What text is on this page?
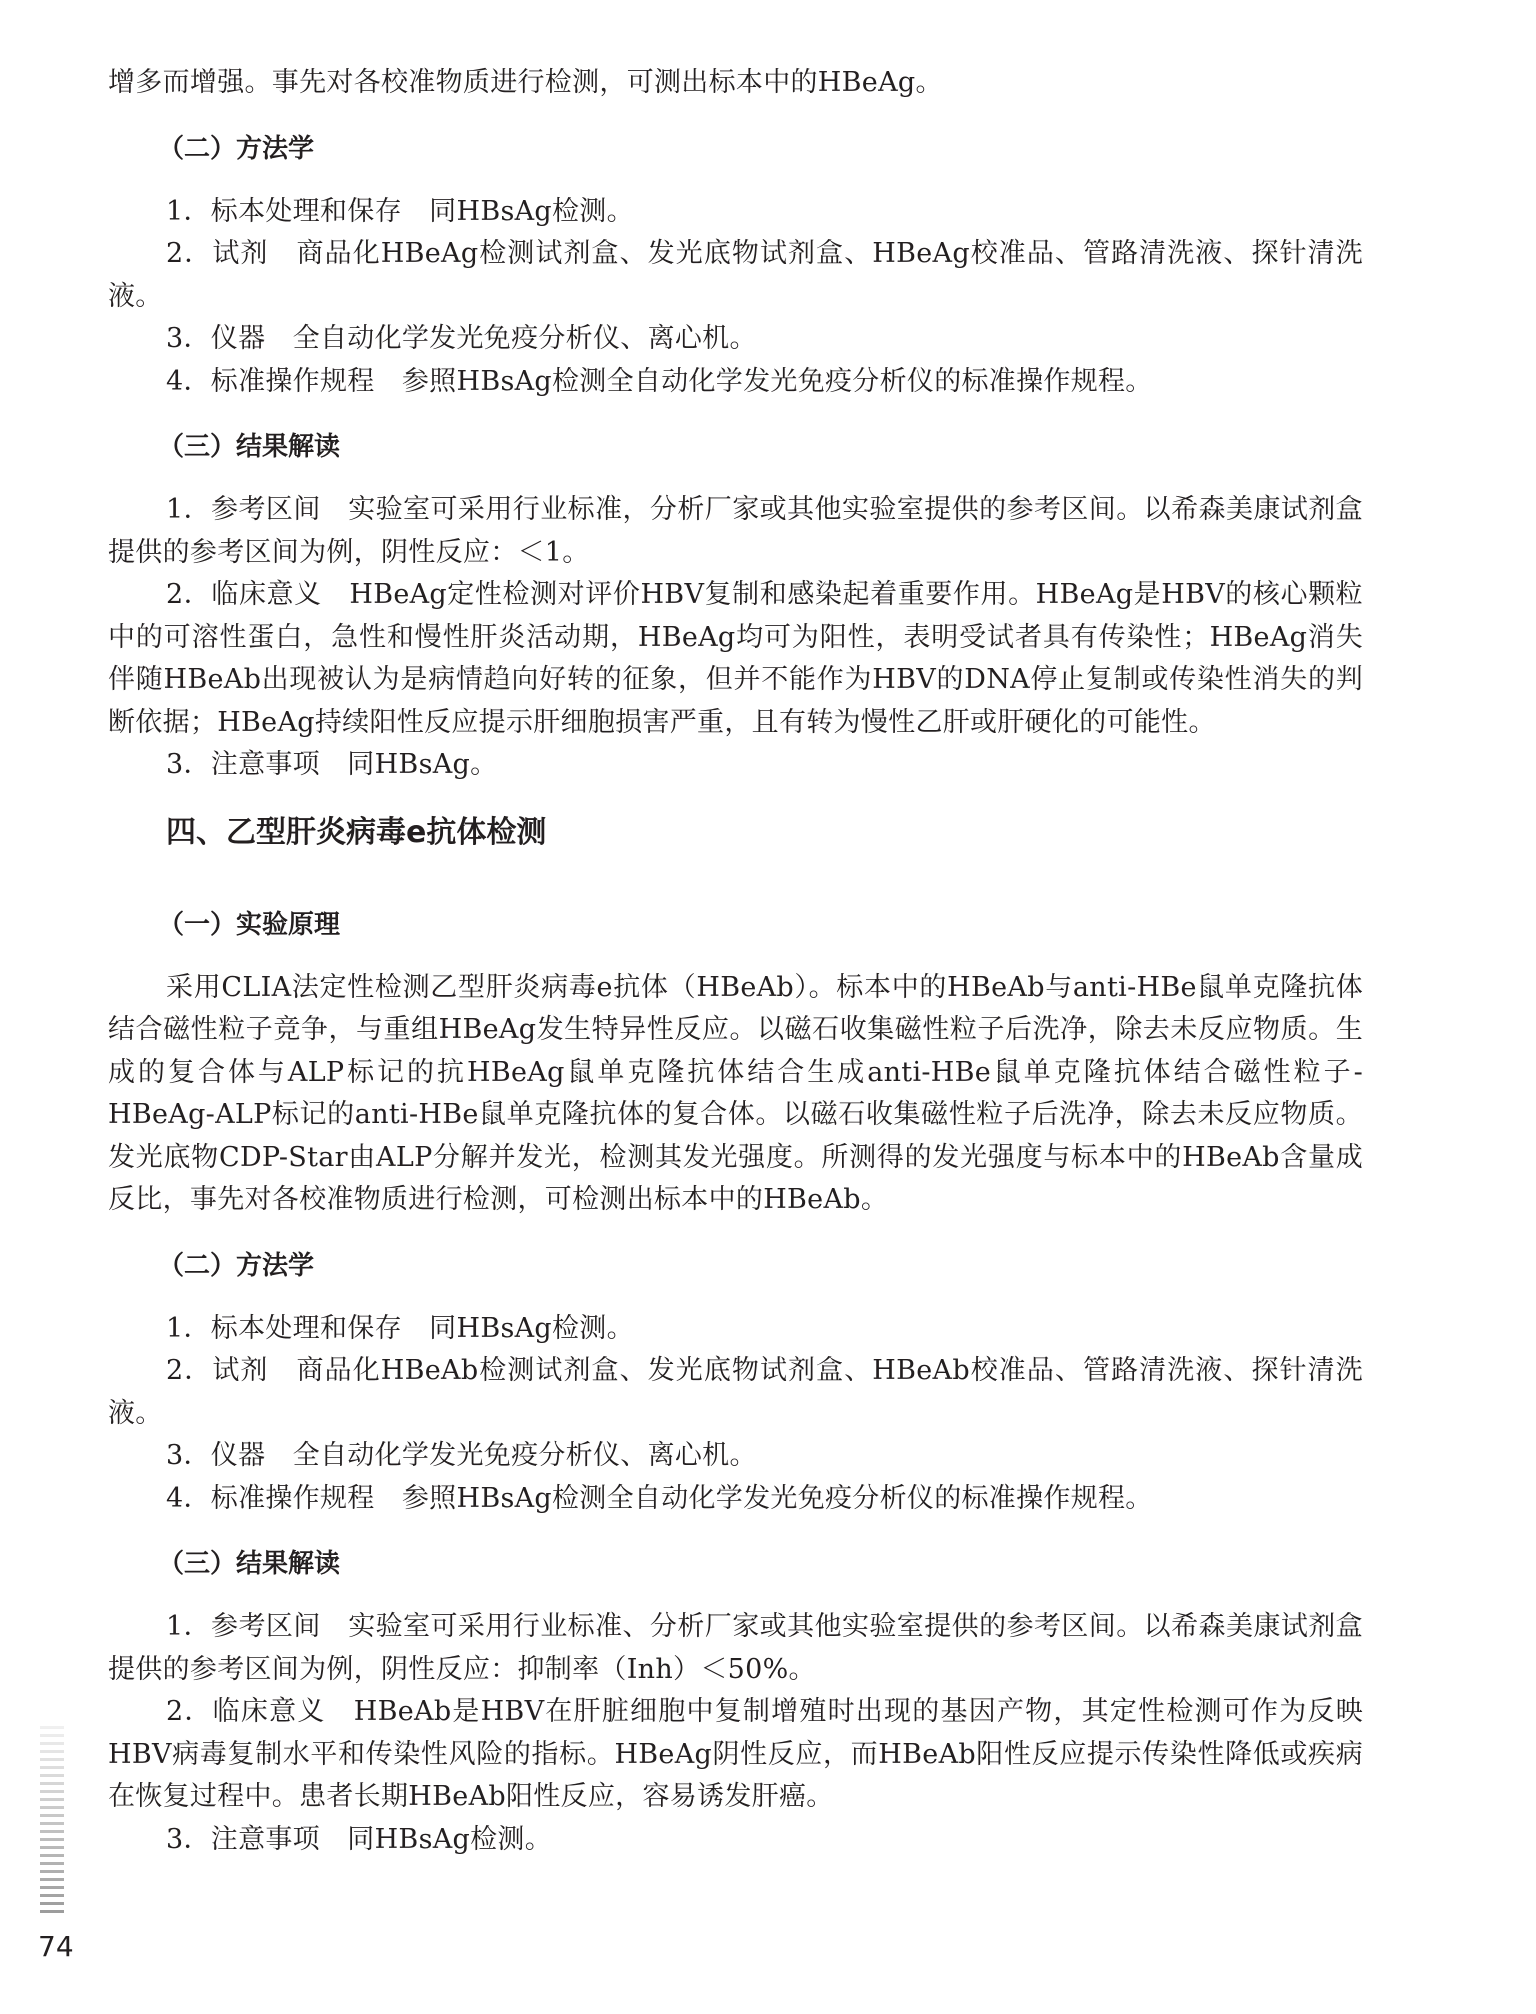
增多而增强。事先对各校准物质进行检测，可测出标本中的HBeAg。

（二）方法学

1．标本处理和保存　同HBsAg检测。

2．试剂　商品化HBeAg检测试剂盒、发光底物试剂盒、HBeAg校准品、管路清洗液、探针清洗液。

3．仪器　全自动化学发光免疫分析仪、离心机。

4．标准操作规程　参照HBsAg检测全自动化学发光免疫分析仪的标准操作规程。

（三）结果解读

1．参考区间　实验室可采用行业标准，分析厂家或其他实验室提供的参考区间。以希森美康试剂盒提供的参考区间为例，阴性反应：＜1。

2．临床意义　HBeAg定性检测对评价HBV复制和感染起着重要作用。HBeAg是HBV的核心颗粒中的可溶性蛋白，急性和慢性肝炎活动期，HBeAg均可为阳性，表明受试者具有传染性；HBeAg消失伴随HBeAb出现被认为是病情趋向好转的征象，但并不能作为HBV的DNA停止复制或传染性消失的判断依据；HBeAg持续阳性反应提示肝细胞损害严重，且有转为慢性乙肝或肝硬化的可能性。

3．注意事项　同HBsAg。

四、乙型肝炎病毒e抗体检测
（一）实验原理

采用CLIA法定性检测乙型肝炎病毒e抗体（HBeAb）。标本中的HBeAb与anti-HBe鼠单克隆抗体结合磁性粒子竞争，与重组HBeAg发生特异性反应。以磁石收集磁性粒子后洗净，除去未反应物质。生成的复合体与ALP标记的抗HBeAg鼠单克隆抗体结合生成anti-HBe鼠单克隆抗体结合磁性粒子-HBeAg-ALP标记的anti-HBe鼠单克隆抗体的复合体。以磁石收集磁性粒子后洗净，除去未反应物质。发光底物CDP-Star由ALP分解并发光，检测其发光强度。所测得的发光强度与标本中的HBeAb含量成反比，事先对各校准物质进行检测，可检测出标本中的HBeAb。

（二）方法学

1．标本处理和保存　同HBsAg检测。

2．试剂　商品化HBeAb检测试剂盒、发光底物试剂盒、HBeAb校准品、管路清洗液、探针清洗液。

3．仪器　全自动化学发光免疫分析仪、离心机。

4．标准操作规程　参照HBsAg检测全自动化学发光免疫分析仪的标准操作规程。

（三）结果解读

1．参考区间　实验室可采用行业标准、分析厂家或其他实验室提供的参考区间。以希森美康试剂盒提供的参考区间为例，阴性反应：抑制率（Inh）＜50%。

2．临床意义　HBeAb是HBV在肝脏细胞中复制增殖时出现的基因产物，其定性检测可作为反映HBV病毒复制水平和传染性风险的指标。HBeAg阴性反应，而HBeAb阳性反应提示传染性降低或疾病在恢复过程中。患者长期HBeAb阳性反应，容易诱发肝癌。

3．注意事项　同HBsAg检测。

74
